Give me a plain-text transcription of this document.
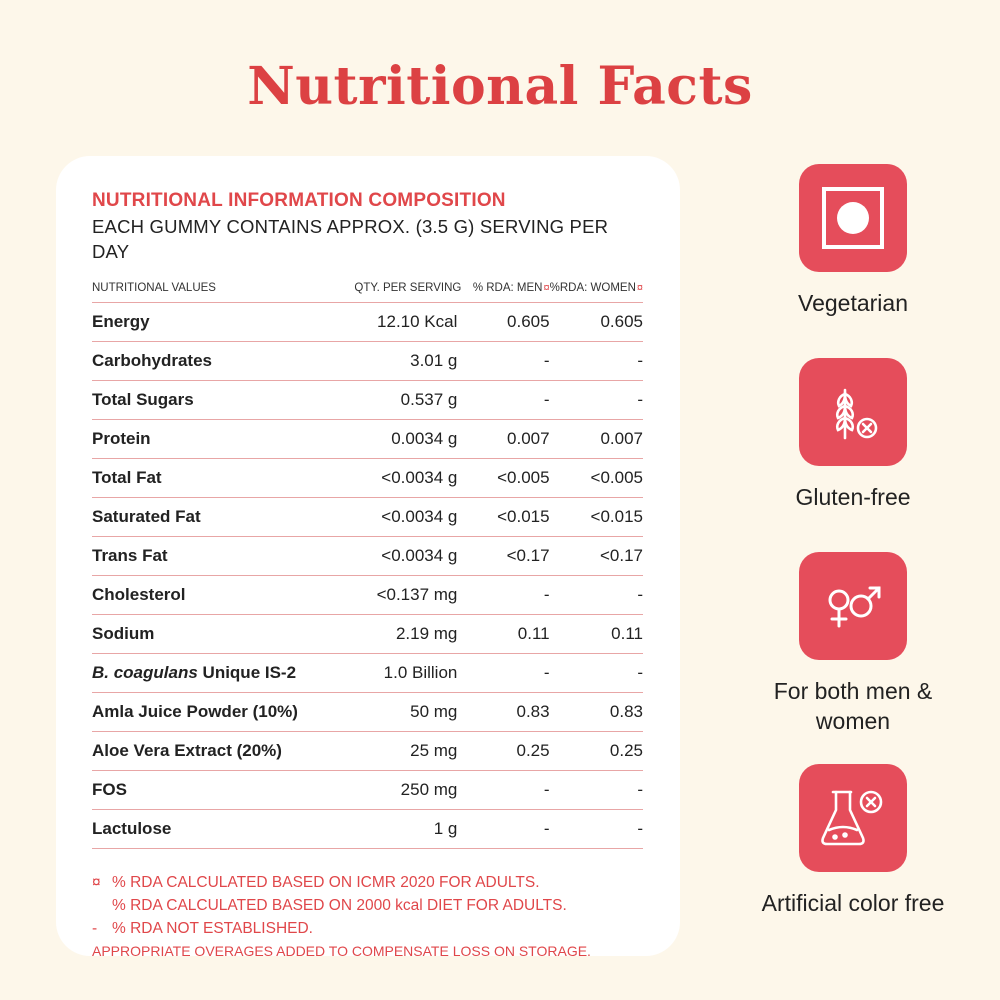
Nutritional Facts
NUTRITIONAL INFORMATION COMPOSITION
EACH GUMMY CONTAINS APPROX. (3.5 G) SERVING PER DAY
NUTRITIONAL VALUES	QTY. PER SERVING	% RDA: MEN¤	%RDA: WOMEN¤
Energy	12.10 Kcal	0.605	0.605
Carbohydrates	3.01 g	-	-
Total Sugars	0.537 g	-	-
Protein	0.0034 g	0.007	0.007
Total Fat	<0.0034 g	<0.005	<0.005
Saturated Fat	<0.0034 g	<0.015	<0.015
Trans Fat	<0.0034 g	<0.17	<0.17
Cholesterol	<0.137 mg	-	-
Sodium	2.19 mg	0.11	0.11
B. coagulans Unique IS-2	1.0 Billion	-	-
Amla Juice Powder (10%)	50 mg	0.83	0.83
Aloe Vera Extract (20%)	25 mg	0.25	0.25
FOS	250 mg	-	-
Lactulose	1 g	-	-
¤ % RDA CALCULATED BASED ON ICMR 2020 FOR ADULTS.
% RDA CALCULATED BASED ON 2000 kcal DIET FOR ADULTS.
- % RDA NOT ESTABLISHED.
APPROPRIATE OVERAGES ADDED TO COMPENSATE LOSS ON STORAGE.
Vegetarian
Gluten-free
For both men & women
Artificial color free
